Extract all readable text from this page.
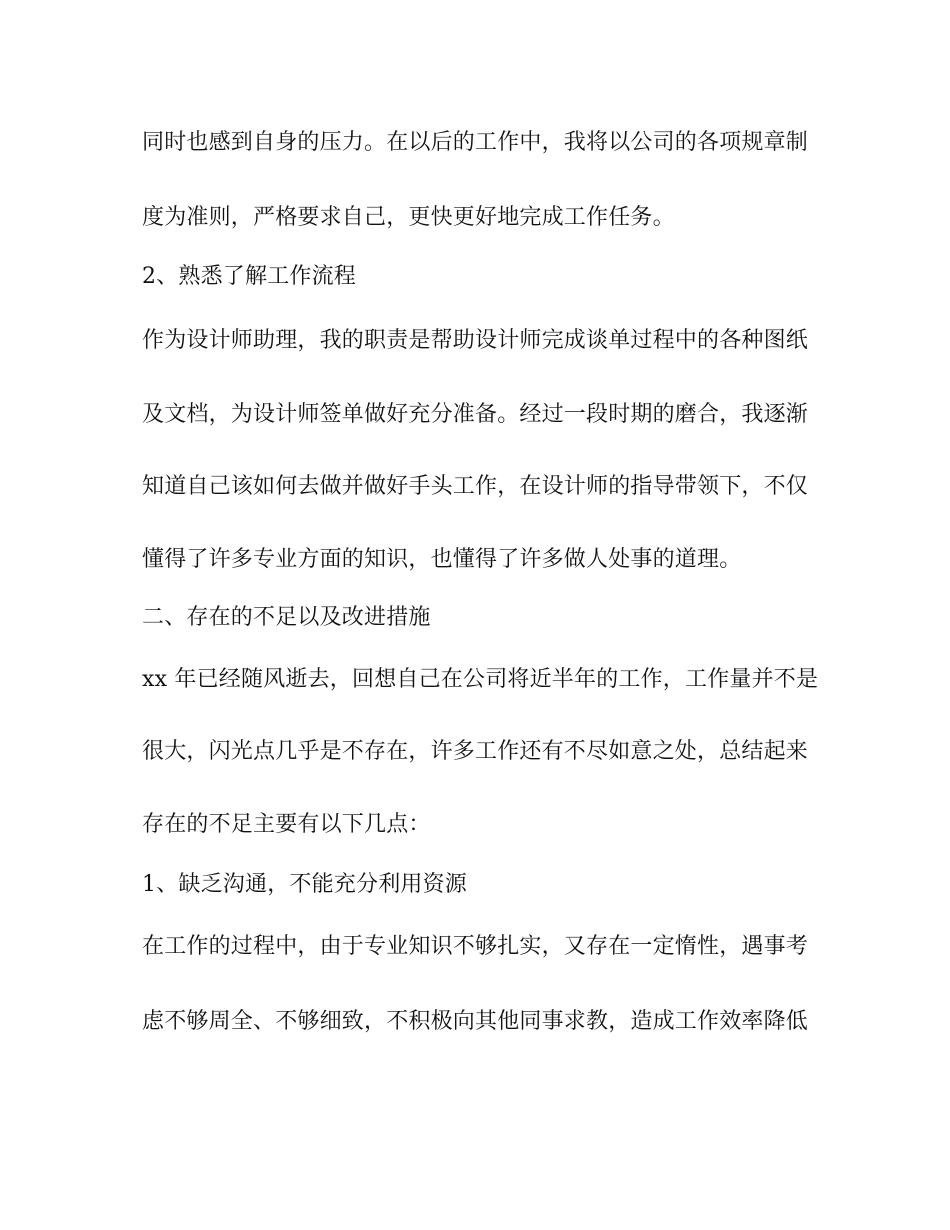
同时也感到自身的压力。在以后的工作中，我将以公司的各项规章制
度为准则，严格要求自己，更快更好地完成工作任务。
2、熟悉了解工作流程
作为设计师助理，我的职责是帮助设计师完成谈单过程中的各种图纸
及文档，为设计师签单做好充分准备。经过一段时期的磨合，我逐渐
知道自己该如何去做并做好手头工作，在设计师的指导带领下，不仅
懂得了许多专业方面的知识，也懂得了许多做人处事的道理。
二、存在的不足以及改进措施
xx 年已经随风逝去，回想自己在公司将近半年的工作，工作量并不是
很大，闪光点几乎是不存在，许多工作还有不尽如意之处，总结起来
存在的不足主要有以下几点：
1、缺乏沟通，不能充分利用资源
在工作的过程中，由于专业知识不够扎实，又存在一定惰性，遇事考
虑不够周全、不够细致，不积极向其他同事求教，造成工作效率降低
